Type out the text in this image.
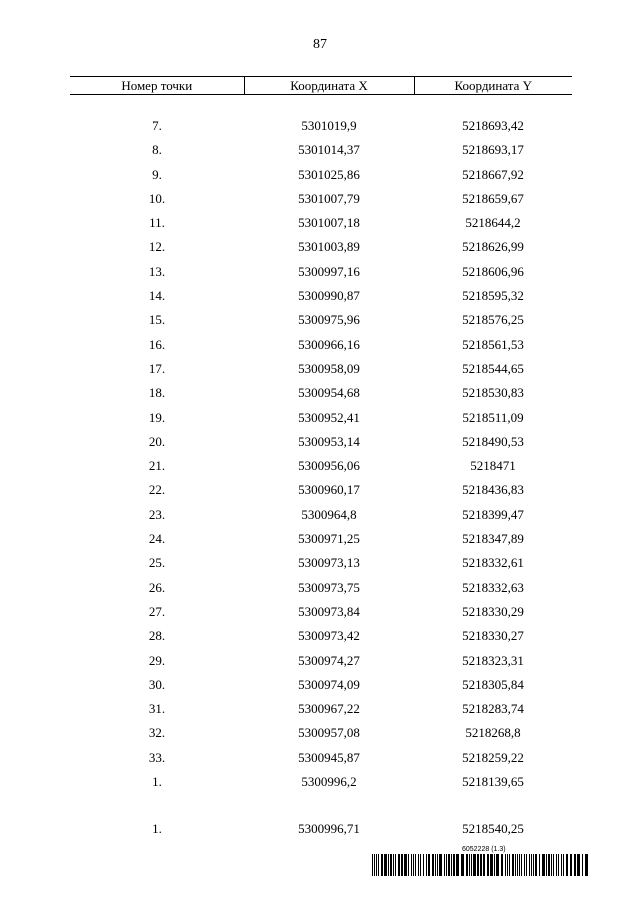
87
Номер точки	Координата X	Координата Y

7.	5301019,9	5218693,42
8.	5301014,37	5218693,17
9.	5301025,86	5218667,92
10.	5301007,79	5218659,67
11.	5301007,18	5218644,2
12.	5301003,89	5218626,99
13.	5300997,16	5218606,96
14.	5300990,87	5218595,32
15.	5300975,96	5218576,25
16.	5300966,16	5218561,53
17.	5300958,09	5218544,65
18.	5300954,68	5218530,83
19.	5300952,41	5218511,09
20.	5300953,14	5218490,53
21.	5300956,06	5218471
22.	5300960,17	5218436,83
23.	5300964,8	5218399,47
24.	5300971,25	5218347,89
25.	5300973,13	5218332,61
26.	5300973,75	5218332,63
27.	5300973,84	5218330,29
28.	5300973,42	5218330,27
29.	5300974,27	5218323,31
30.	5300974,09	5218305,84
31.	5300967,22	5218283,74
32.	5300957,08	5218268,8
33.	5300945,87	5218259,22
1.	5300996,2	5218139,65

1.	5300996,71	5218540,25
6052228 (1.3)
